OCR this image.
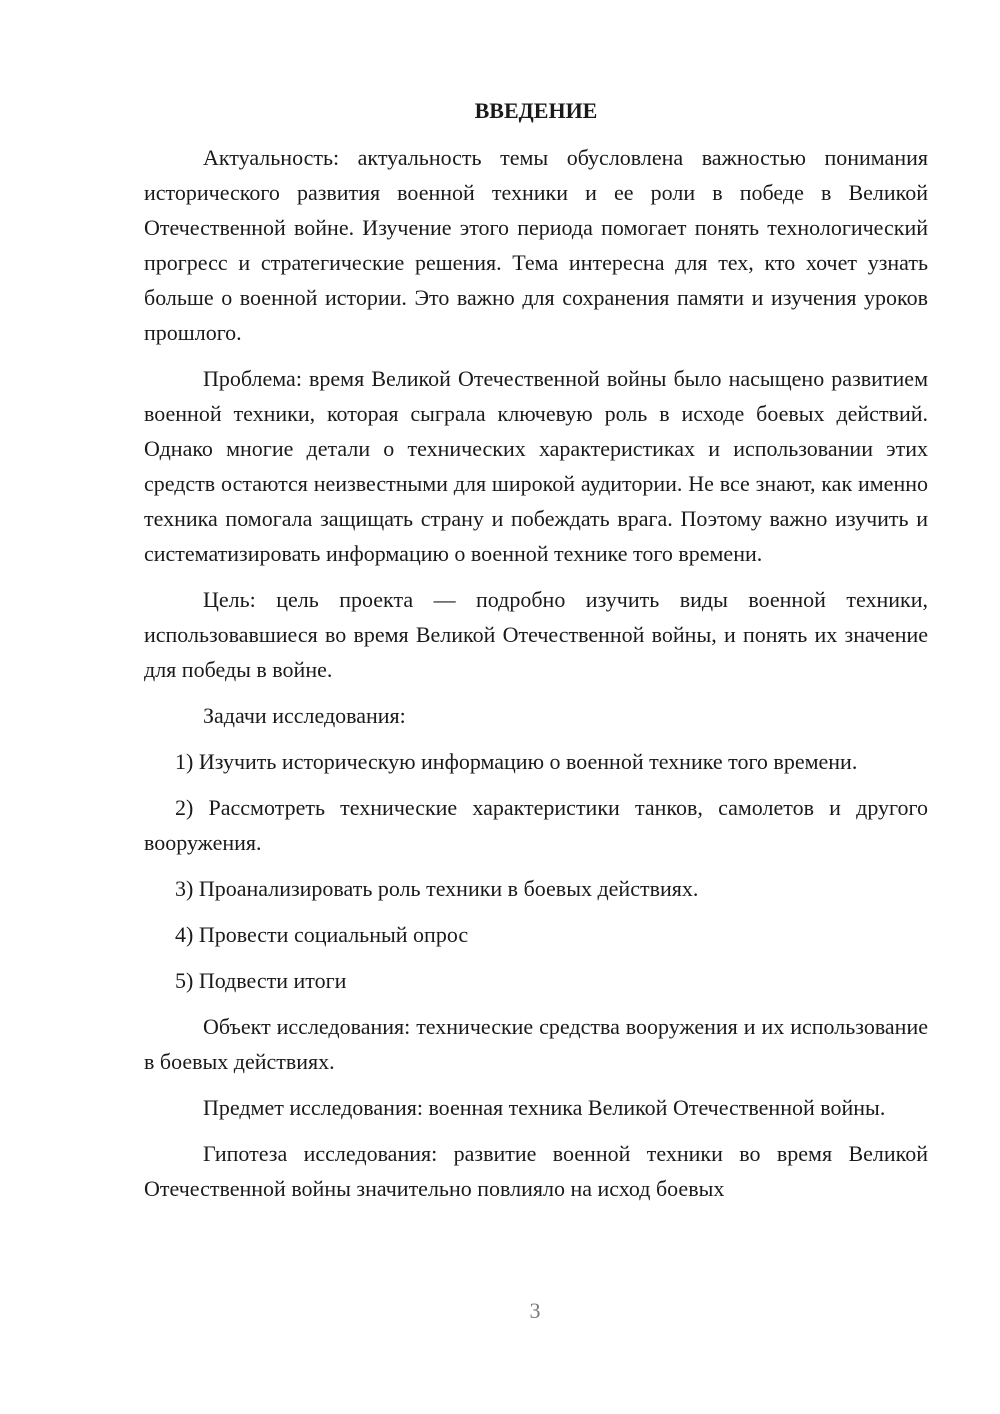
ВВЕДЕНИЕ

Актуальность: актуальность темы обусловлена важностью понимания исторического развития военной техники и ее роли в победе в Великой Отечественной войне. Изучение этого периода помогает понять технологический прогресс и стратегические решения. Тема интересна для тех, кто хочет узнать больше о военной истории. Это важно для сохранения памяти и изучения уроков прошлого.

Проблема: время Великой Отечественной войны было насыщено развитием военной техники, которая сыграла ключевую роль в исходе боевых действий. Однако многие детали о технических характеристиках и использовании этих средств остаются неизвестными для широкой аудитории. Не все знают, как именно техника помогала защищать страну и побеждать врага. Поэтому важно изучить и систематизировать информацию о военной технике того времени.

Цель: цель проекта — подробно изучить виды военной техники, использовавшиеся во время Великой Отечественной войны, и понять их значение для победы в войне.

Задачи исследования:

1) Изучить историческую информацию о военной технике того времени.

2) Рассмотреть технические характеристики танков, самолетов и другого вооружения.

3) Проанализировать роль техники в боевых действиях.

4) Провести социальный опрос

5) Подвести итоги

Объект исследования: технические средства вооружения и их использование в боевых действиях.

Предмет исследования: военная техника Великой Отечественной войны.

Гипотеза исследования: развитие военной техники во время Великой Отечественной войны значительно повлияло на исход боевых

3
